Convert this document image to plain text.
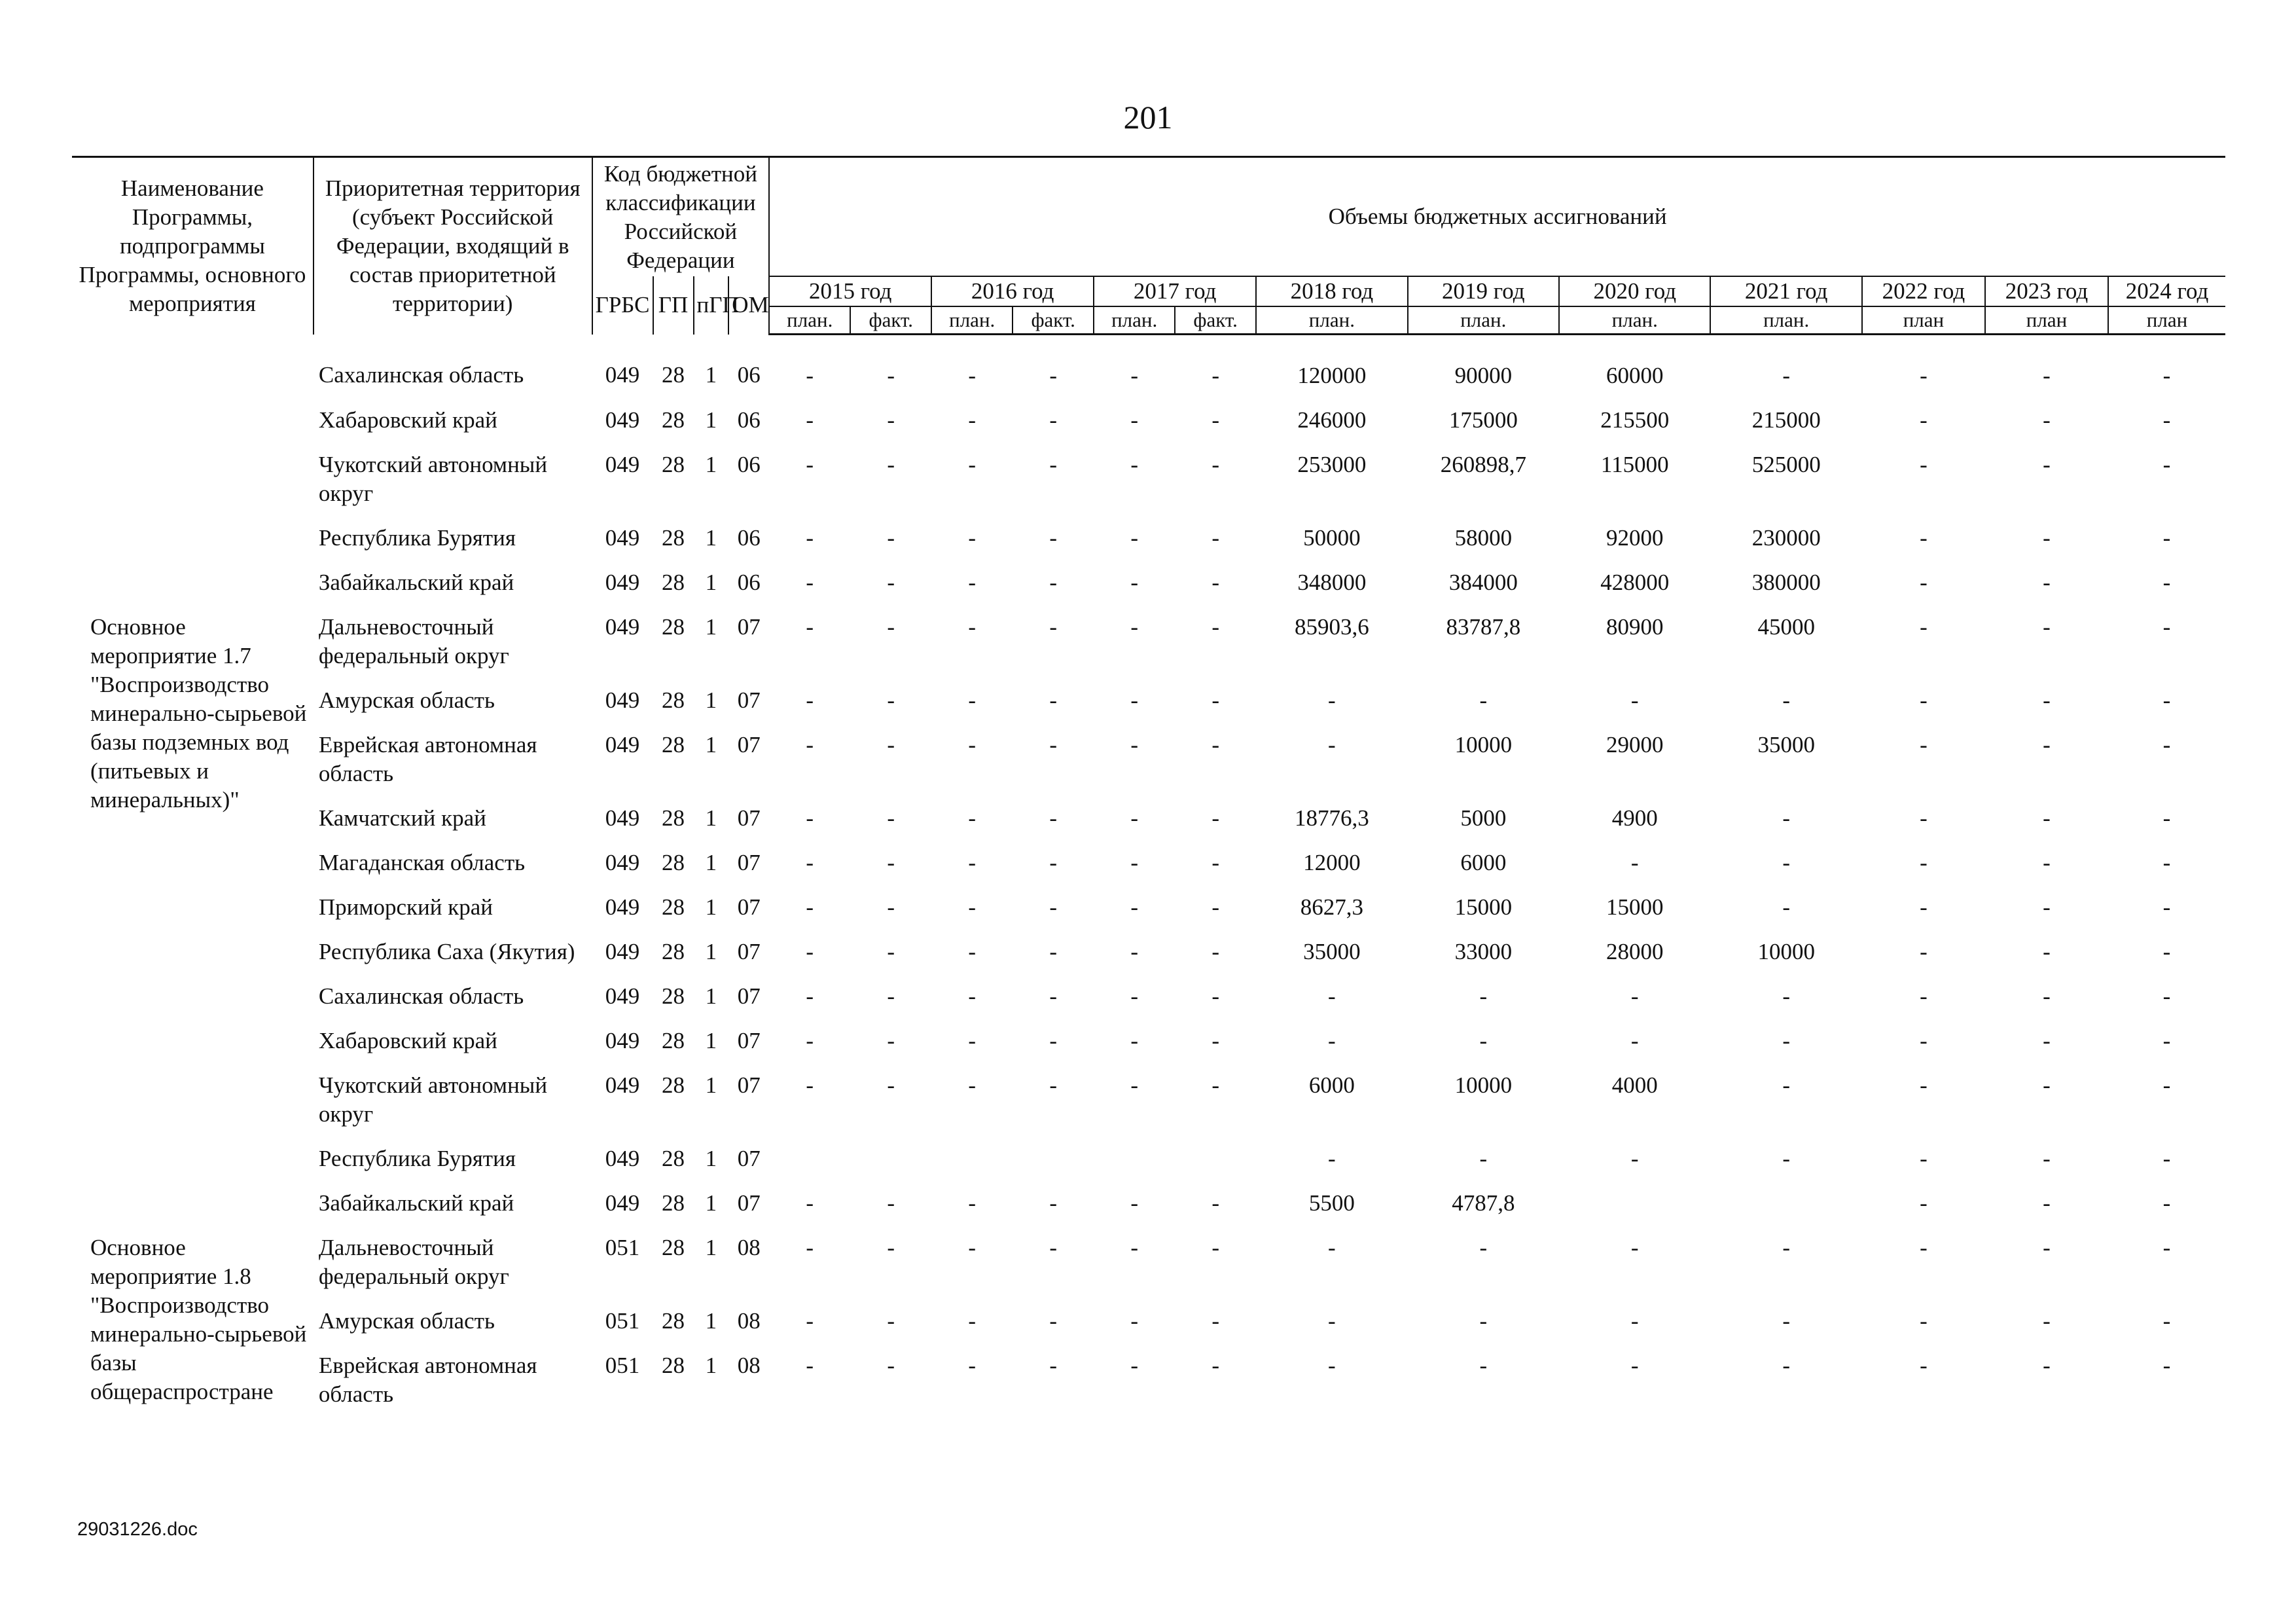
201
Наименование Программы, подпрограммы Программы, основного мероприятия	Приоритетная территория (субъект Российской Федерации, входящий в состав приоритетной территории)	Код бюджетной классификации Российской Федерации				Объемы бюджетных ассигнований												
		ГРБС	ГП	пГП	ОМ	2015 год		2016 год		2017 год		2018 год	2019 год	2020 год	2021 год	2022 год	2023 год	2024 год
						план.	факт.	план.	факт.	план.	факт.	план.	план.	план.	план.	план	план	план
	Сахалинская область	049	28	1	06	-	-	-	-	-	-	120000	90000	60000	-	-	-	-
	Хабаровский край	049	28	1	06	-	-	-	-	-	-	246000	175000	215500	215000	-	-	-
	Чукотский автономный округ	049	28	1	06	-	-	-	-	-	-	253000	260898,7	115000	525000	-	-	-
	Республика Бурятия	049	28	1	06	-	-	-	-	-	-	50000	58000	92000	230000	-	-	-
	Забайкальский край	049	28	1	06	-	-	-	-	-	-	348000	384000	428000	380000	-	-	-
Основное мероприятие 1.7 "Воспроизводство минерально-сырьевой базы подземных вод (питьевых и минеральных)"	Дальневосточный федеральный округ	049	28	1	07	-	-	-	-	-	-	85903,6	83787,8	80900	45000	-	-	-
	Амурская область	049	28	1	07	-	-	-	-	-	-	-	-	-	-	-	-	-
	Еврейская автономная область	049	28	1	07	-	-	-	-	-	-	-	10000	29000	35000	-	-	-
	Камчатский край	049	28	1	07	-	-	-	-	-	-	18776,3	5000	4900	-	-	-	-
	Магаданская область	049	28	1	07	-	-	-	-	-	-	12000	6000	-	-	-	-	-
	Приморский край	049	28	1	07	-	-	-	-	-	-	8627,3	15000	15000	-	-	-	-
	Республика Саха (Якутия)	049	28	1	07	-	-	-	-	-	-	35000	33000	28000	10000	-	-	-
	Сахалинская область	049	28	1	07	-	-	-	-	-	-	-	-	-	-	-	-	-
	Хабаровский край	049	28	1	07	-	-	-	-	-	-	-	-	-	-	-	-	-
	Чукотский автономный округ	049	28	1	07	-	-	-	-	-	-	6000	10000	4000	-	-	-	-
	Республика Бурятия	049	28	1	07							-	-	-	-	-	-	-
	Забайкальский край	049	28	1	07	-	-	-	-	-	-	5500	4787,8			-	-	-
Основное мероприятие 1.8 "Воспроизводство минерально-сырьевой базы общераспростране	Дальневосточный федеральный округ	051	28	1	08	-	-	-	-	-	-	-	-	-	-	-	-	-
	Амурская область	051	28	1	08	-	-	-	-	-	-	-	-	-	-	-	-	-
	Еврейская автономная область	051	28	1	08	-	-	-	-	-	-	-	-	-	-	-	-	-
29031226.doc
